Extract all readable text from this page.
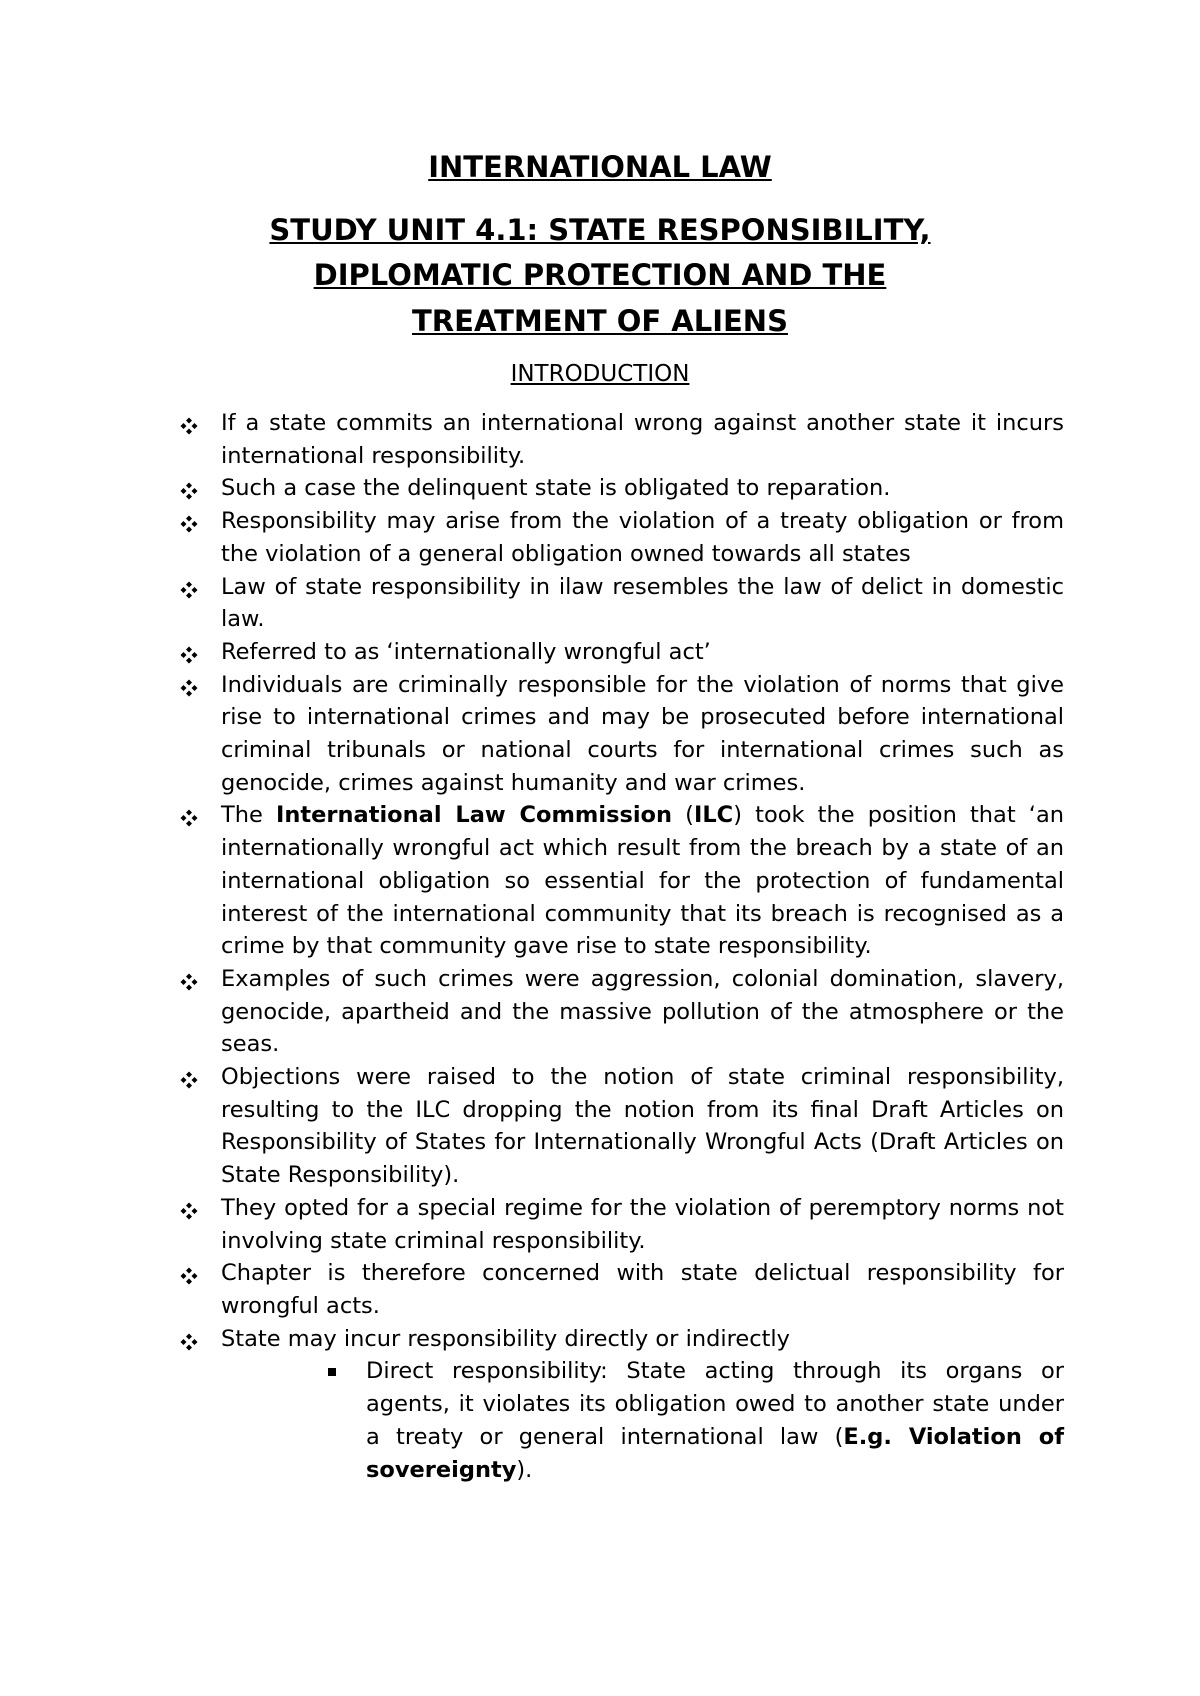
INTERNATIONAL LAW
STUDY UNIT 4.1: STATE RESPONSIBILITY,
DIPLOMATIC PROTECTION AND THE
TREATMENT OF ALIENS
INTRODUCTION
If a state commits an international wrong against another state it incurs international responsibility.
Such a case the delinquent state is obligated to reparation.
Responsibility may arise from the violation of a treaty obligation or from the violation of a general obligation owned towards all states
Law of state responsibility in ilaw resembles the law of delict in domestic law.
Referred to as ‘internationally wrongful act’
Individuals are criminally responsible for the violation of norms that give rise to international crimes and may be prosecuted before international criminal tribunals or national courts for international crimes such as genocide, crimes against humanity and war crimes.
The International Law Commission (ILC) took the position that ‘an internationally wrongful act which result from the breach by a state of an international obligation so essential for the protection of fundamental interest of the international community that its breach is recognised as a crime by that community gave rise to state responsibility.
Examples of such crimes were aggression, colonial domination, slavery, genocide, apartheid and the massive pollution of the atmosphere or the seas.
Objections were raised to the notion of state criminal responsibility, resulting to the ILC dropping the notion from its final Draft Articles on Responsibility of States for Internationally Wrongful Acts (Draft Articles on State Responsibility).
They opted for a special regime for the violation of peremptory norms not involving state criminal responsibility.
Chapter is therefore concerned with state delictual responsibility for wrongful acts.
State may incur responsibility directly or indirectly
Direct responsibility: State acting through its organs or agents, it violates its obligation owed to another state under a treaty or general international law (E.g. Violation of sovereignty).
